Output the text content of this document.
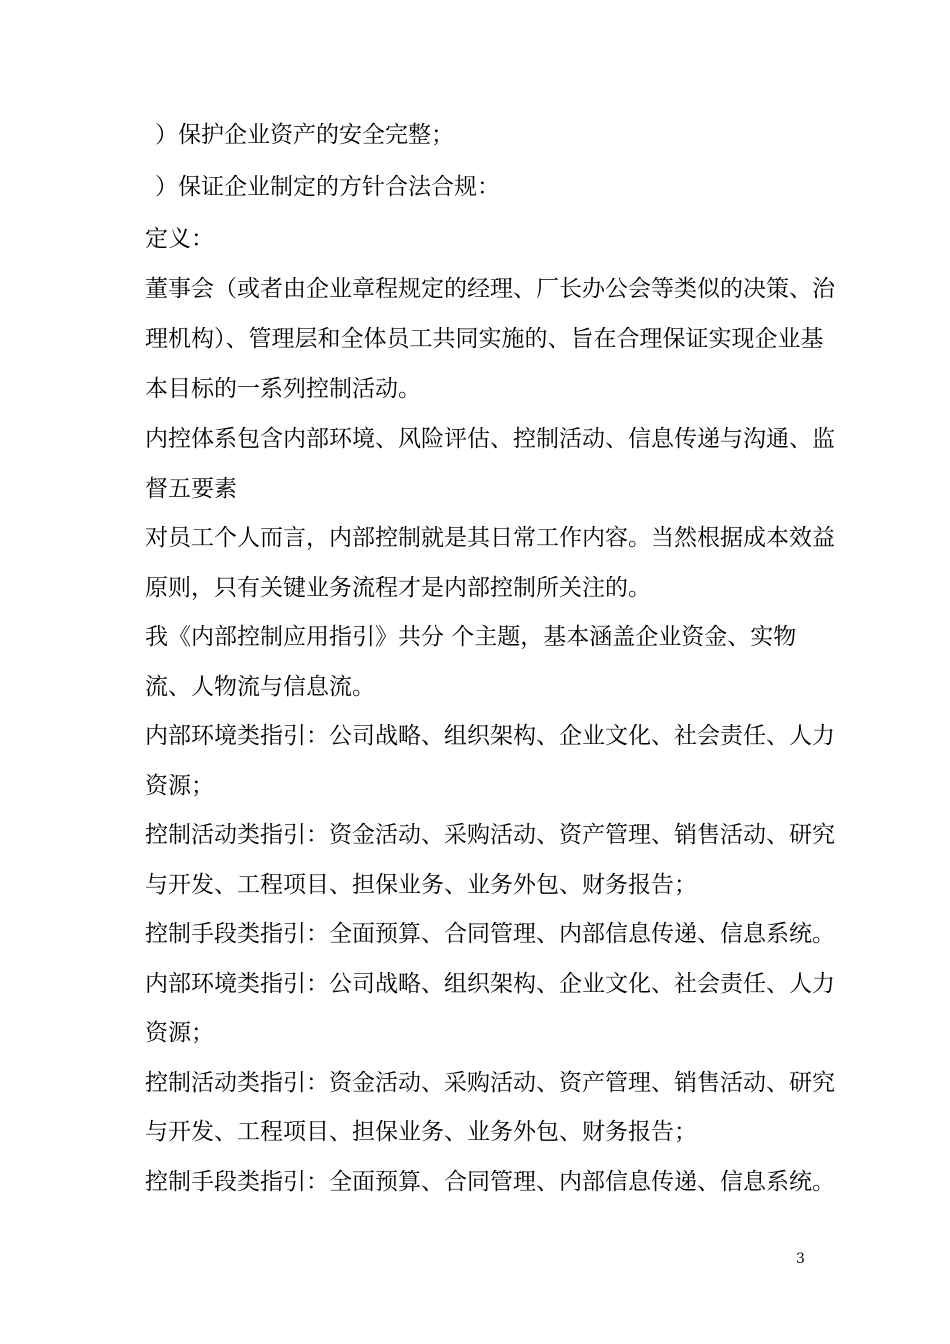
）保护企业资产的安全完整；

）保证企业制定的方针合法合规：

定义：

董事会（或者由企业章程规定的经理、厂长办公会等类似的决策、治

理机构）、管理层和全体员工共同实施的、旨在合理保证实现企业基

本目标的一系列控制活动。

内控体系包含内部环境、风险评估、控制活动、信息传递与沟通、监

督五要素

对员工个人而言，内部控制就是其日常工作内容。当然根据成本效益

原则，只有关键业务流程才是内部控制所关注的。

我《内部控制应用指引》共分 个主题，基本涵盖企业资金、实物

流、人物流与信息流。

内部环境类指引：公司战略、组织架构、企业文化、社会责任、人力

资源；

控制活动类指引：资金活动、采购活动、资产管理、销售活动、研究

与开发、工程项目、担保业务、业务外包、财务报告；

控制手段类指引：全面预算、合同管理、内部信息传递、信息系统。

内部环境类指引：公司战略、组织架构、企业文化、社会责任、人力

资源；

控制活动类指引：资金活动、采购活动、资产管理、销售活动、研究

与开发、工程项目、担保业务、业务外包、财务报告；

控制手段类指引：全面预算、合同管理、内部信息传递、信息系统。

3
